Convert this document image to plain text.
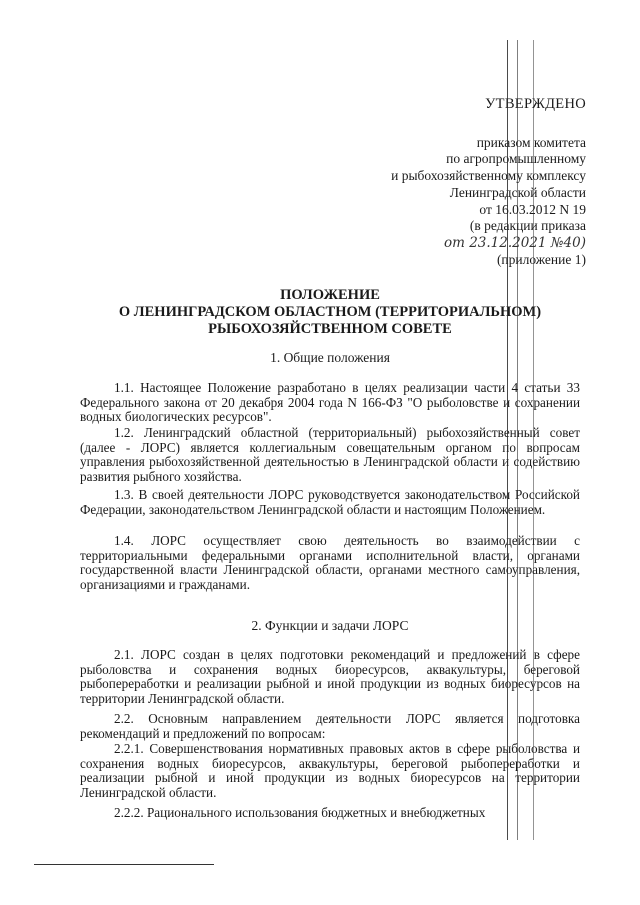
УТВЕРЖДЕНО
приказом комитета
по агропромышленному
и рыбохозяйственному комплексу
Ленинградской области
от 16.03.2012 N 19
(в редакции приказа
от 23.12.2021 №40)
(приложение 1)
ПОЛОЖЕНИЕ
О ЛЕНИНГРАДСКОМ ОБЛАСТНОМ (ТЕРРИТОРИАЛЬНОМ)
РЫБОХОЗЯЙСТВЕННОМ СОВЕТЕ
1. Общие положения

1.1. Настоящее Положение разработано в целях реализации части 4 статьи 33 Федерального закона от 20 декабря 2004 года N 166-ФЗ "О рыболовстве и сохранении водных биологических ресурсов".

1.2. Ленинградский областной (территориальный) рыбохозяйственный совет (далее - ЛОРС) является коллегиальным совещательным органом по вопросам управления рыбохозяйственной деятельностью в Ленинградской области и содействию развития рыбного хозяйства.

1.3. В своей деятельности ЛОРС руководствуется законодательством Российской Федерации, законодательством Ленинградской области и настоящим Положением.

1.4. ЛОРС осуществляет свою деятельность во взаимодействии с территориальными федеральными органами исполнительной власти, органами государственной власти Ленинградской области, органами местного самоуправления, организациями и гражданами.

2. Функции и задачи ЛОРС

2.1. ЛОРС создан в целях подготовки рекомендаций и предложений в сфере рыболовства и сохранения водных биоресурсов, аквакультуры, береговой рыбопереработки и реализации рыбной и иной продукции из водных биоресурсов на территории Ленинградской области.

2.2. Основным направлением деятельности ЛОРС является подготовка рекомендаций и предложений по вопросам:

2.2.1. Совершенствования нормативных правовых актов в сфере рыболовства и сохранения водных биоресурсов, аквакультуры, береговой рыбопереработки и реализации рыбной и иной продукции из водных биоресурсов на территории Ленинградской области.

2.2.2. Рационального использования бюджетных и внебюджетных
